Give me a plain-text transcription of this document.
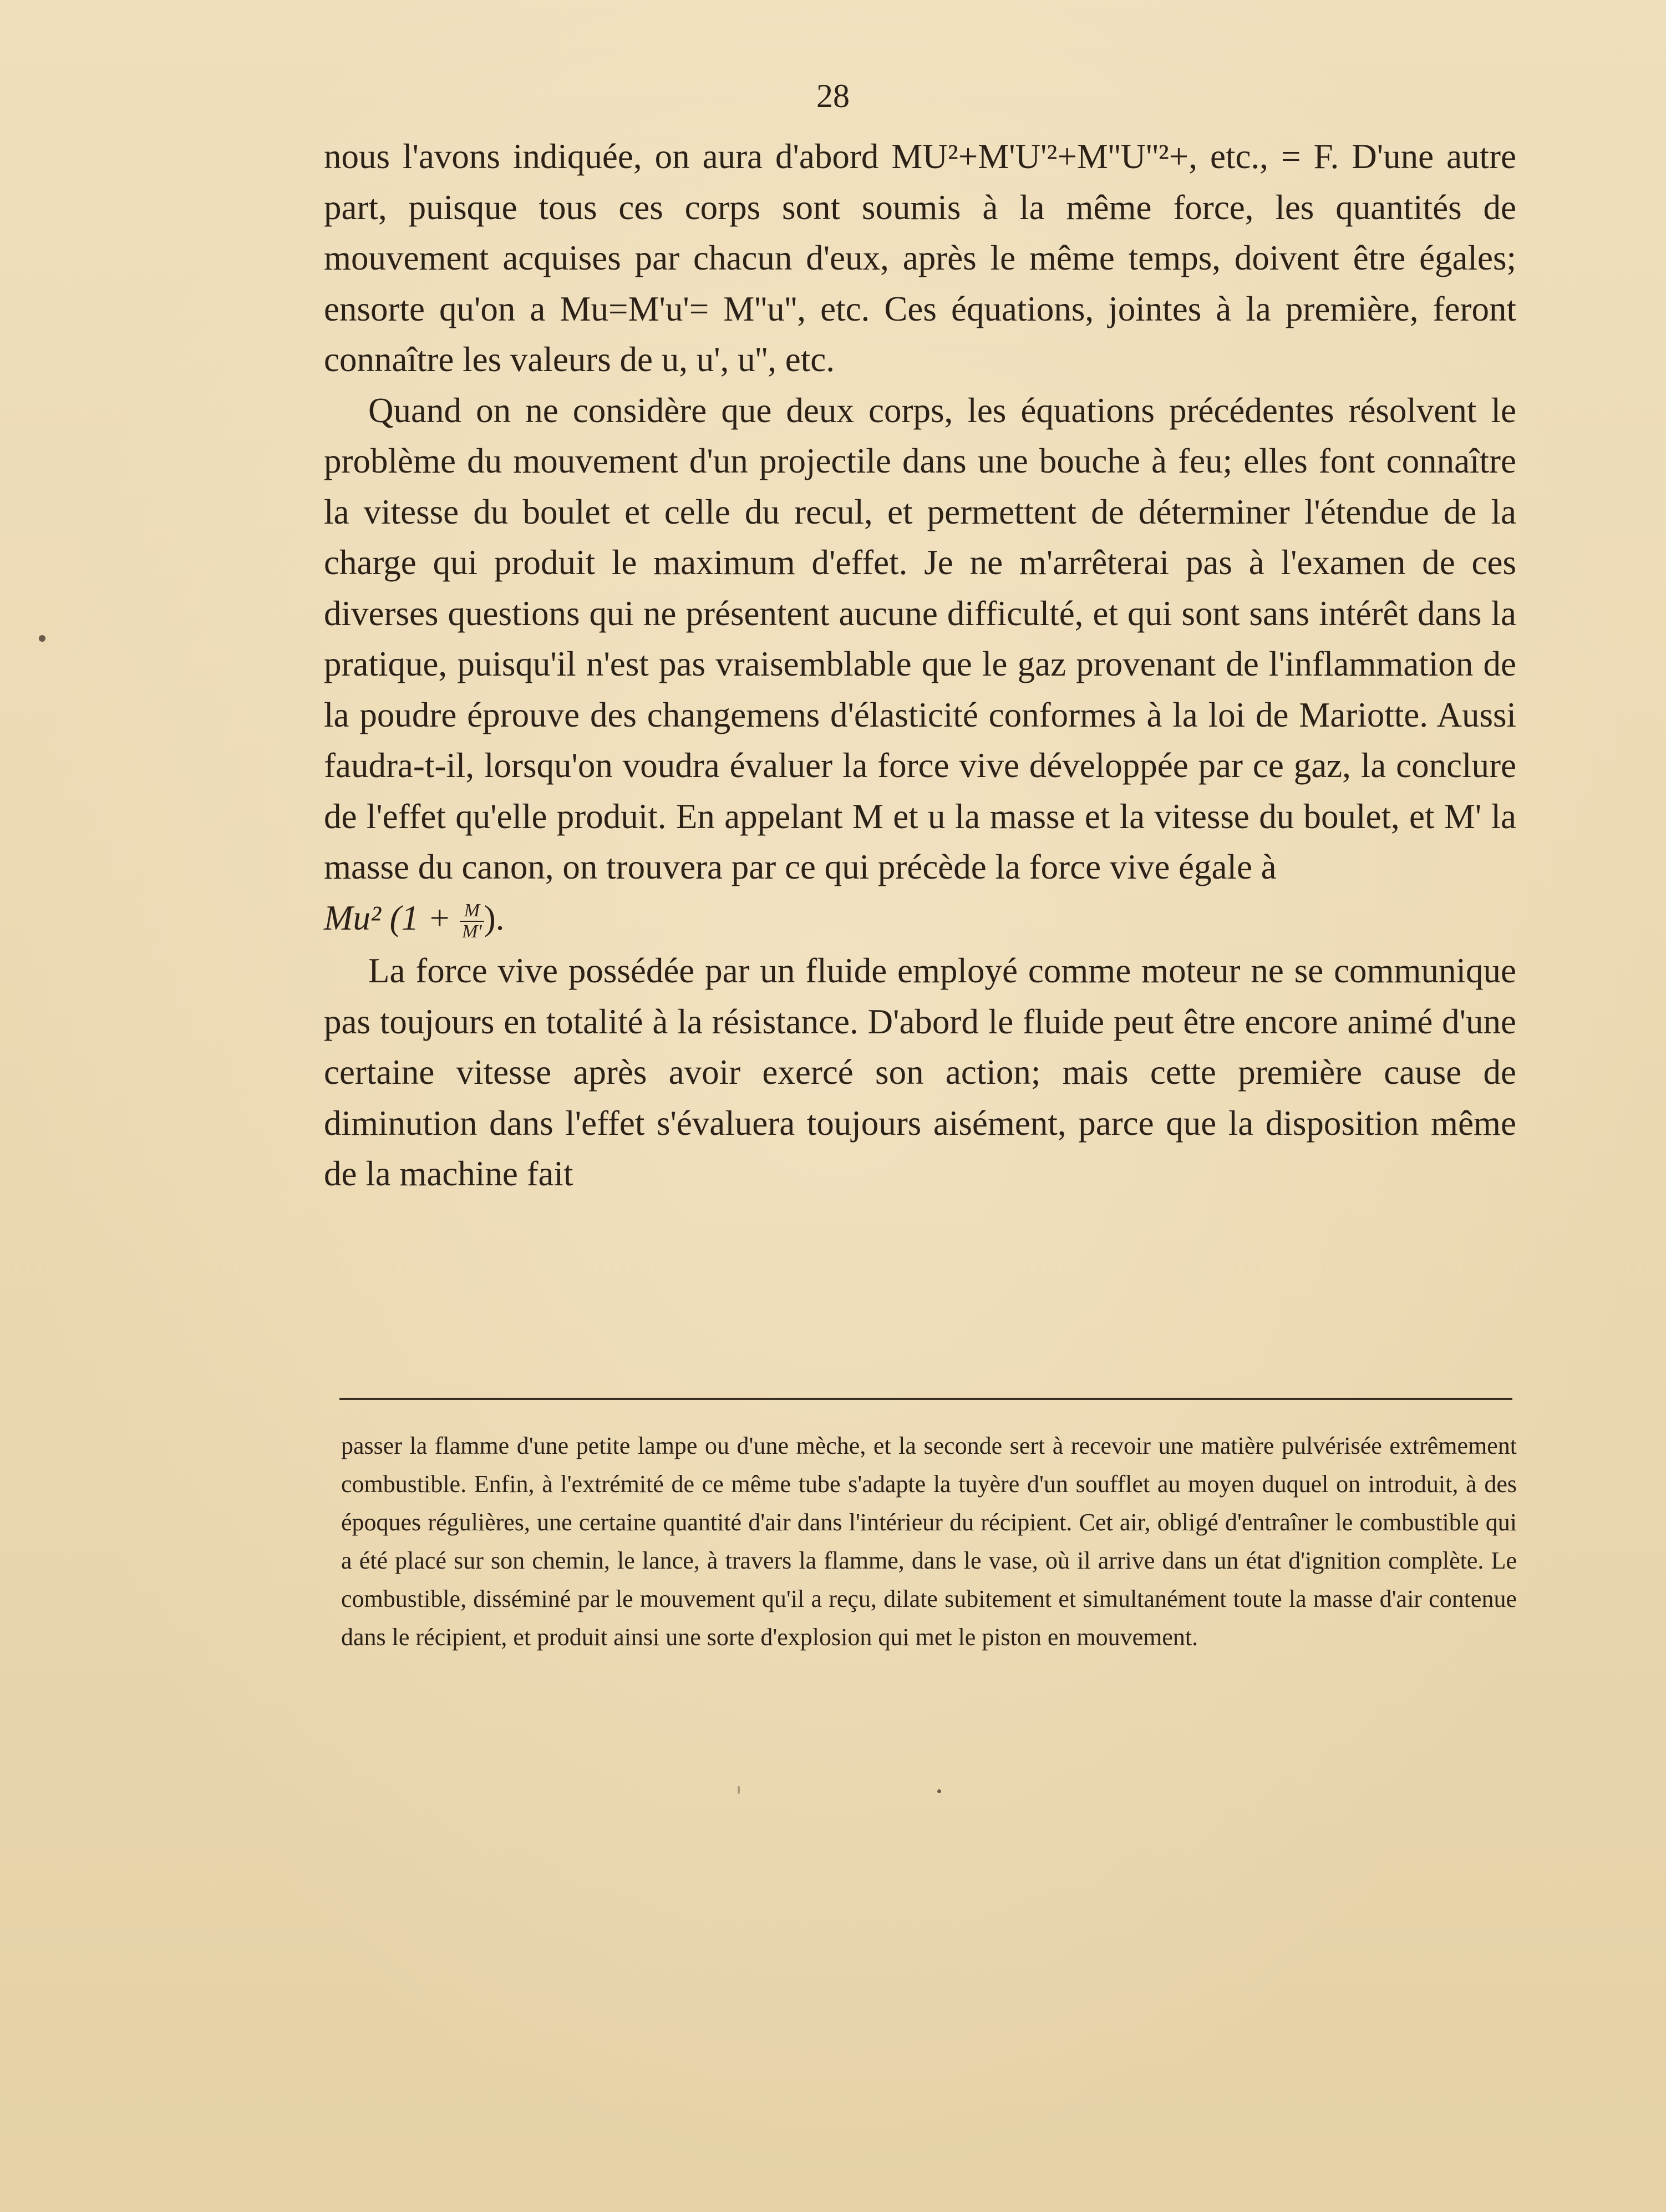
28

nous l'avons indiquée, on aura d'abord MU²+M'U'²+M''U''²+, etc., = F. D'une autre part, puisque tous ces corps sont soumis à la même force, les quantités de mouvement acquises par chacun d'eux, après le même temps, doivent être égales; ensorte qu'on a Mu=M'u'= M''u'', etc. Ces équations, jointes à la première, feront connaître les valeurs de u, u', u'', etc.

Quand on ne considère que deux corps, les équations précédentes résolvent le problème du mouvement d'un projectile dans une bouche à feu; elles font connaître la vitesse du boulet et celle du recul, et permettent de déterminer l'étendue de la charge qui produit le maximum d'effet. Je ne m'arrêterai pas à l'examen de ces diverses questions qui ne présentent aucune difficulté, et qui sont sans intérêt dans la pratique, puisqu'il n'est pas vraisemblable que le gaz provenant de l'inflammation de la poudre éprouve des changemens d'élasticité conformes à la loi de Mariotte. Aussi faudra-t-il, lorsqu'on voudra évaluer la force vive développée par ce gaz, la conclure de l'effet qu'elle produit. En appelant M et u la masse et la vitesse du boulet, et M' la masse du canon, on trouvera par ce qui précède la force vive égale à

Mu² ($1 + \frac{M}{M'}$ ).

La force vive possédée par un fluide employé comme moteur ne se communique pas toujours en totalité à la résistance. D'abord le fluide peut être encore animé d'une certaine vitesse après avoir exercé son action; mais cette première cause de diminution dans l'effet s'évaluera toujours aisément, parce que la disposition même de la machine fait

passer la flamme d'une petite lampe ou d'une mèche, et la seconde sert à recevoir une matière pulvérisée extrêmement combustible. Enfin, à l'extrémité de ce même tube s'adapte la tuyère d'un soufflet au moyen duquel on introduit, à des époques régulières, une certaine quantité d'air dans l'intérieur du récipient. Cet air, obligé d'entraîner le combustible qui a été placé sur son chemin, le lance, à travers la flamme, dans le vase, où il arrive dans un état d'ignition complète. Le combustible, disséminé par le mouvement qu'il a reçu, dilate subitement et simultanément toute la masse d'air contenue dans le récipient, et produit ainsi une sorte d'explosion qui met le piston en mouvement.
